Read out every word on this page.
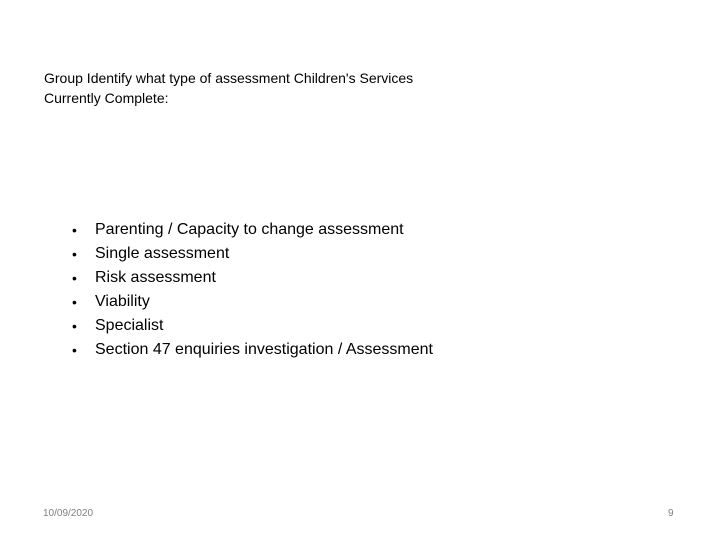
Group Identify what type of assessment Children's Services
Currently Complete:
• Parenting / Capacity to change assessment
• Single assessment
• Risk assessment
• Viability
• Specialist
• Section 47 enquiries investigation / Assessment
10/09/2020	9
